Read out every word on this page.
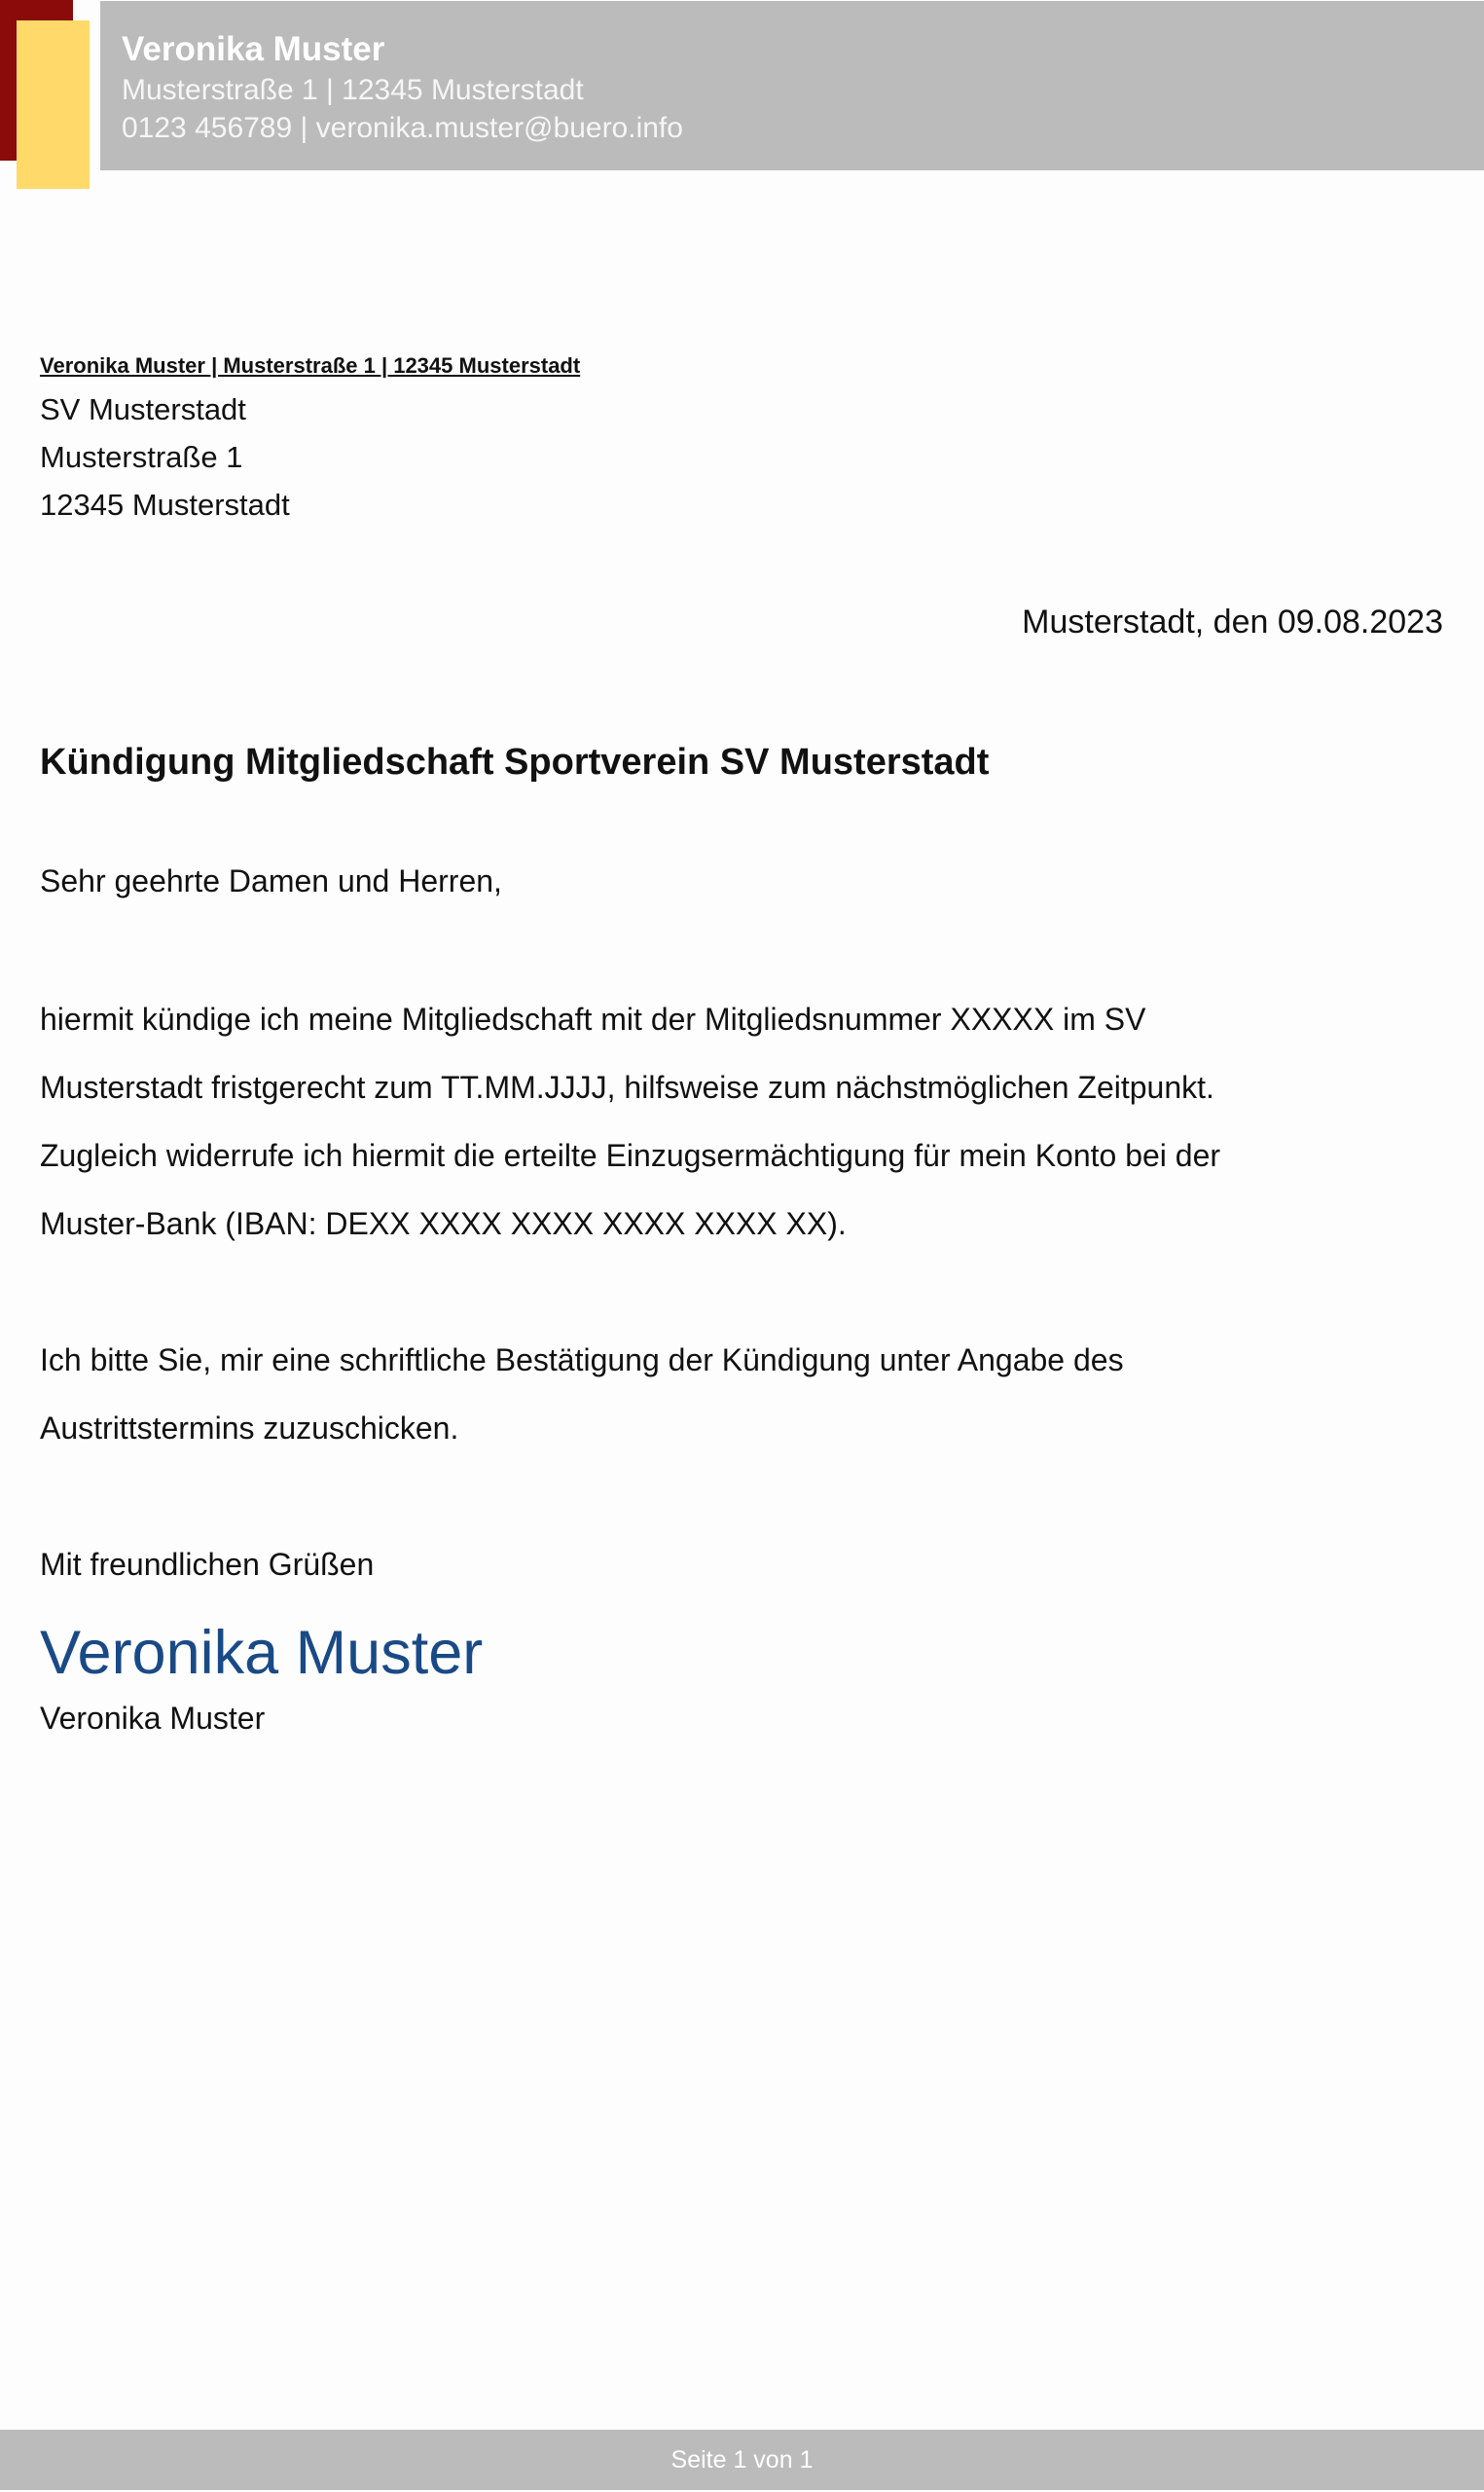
Veronika Muster

Musterstraße 1 | 12345 Musterstadt

0123 456789 | veronika.muster@buero.info

Veronika Muster | Musterstraße 1 | 12345 Musterstadt
SV Musterstadt
Musterstraße 1
12345 Musterstadt
Musterstadt, den 09.08.2023
Kündigung Mitgliedschaft Sportverein SV Musterstadt
Sehr geehrte Damen und Herren,
hiermit kündige ich meine Mitgliedschaft mit der Mitgliedsnummer XXXXX im SV
Musterstadt fristgerecht zum TT.MM.JJJJ, hilfsweise zum nächstmöglichen Zeitpunkt.
Zugleich widerrufe ich hiermit die erteilte Einzugsermächtigung für mein Konto bei der
Muster-Bank (IBAN: DEXX XXXX XXXX XXXX XXXX XX).
Ich bitte Sie, mir eine schriftliche Bestätigung der Kündigung unter Angabe des
Austrittstermins zuzuschicken.
Mit freundlichen Grüßen
Veronika Muster
Veronika Muster
Seite 1 von 1
